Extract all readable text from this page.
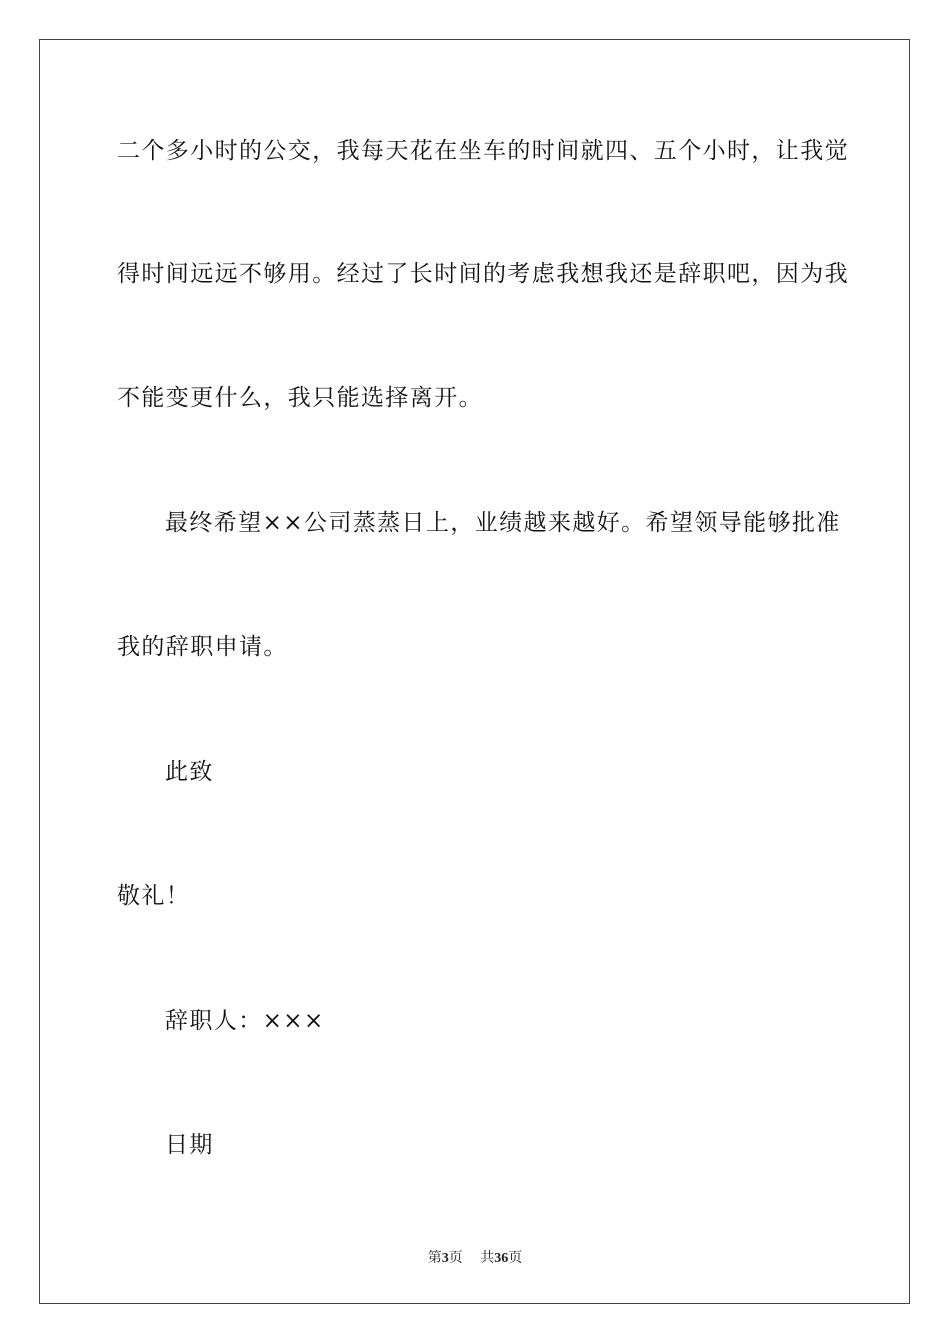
二个多小时的公交，我每天花在坐车的时间就四、五个小时，让我觉
得时间远远不够用。经过了长时间的考虑我想我还是辞职吧，因为我
不能变更什么，我只能选择离开。
最终希望××公司蒸蒸日上，业绩越来越好。希望领导能够批准
我的辞职申请。
此致
敬礼！
辞职人：×××
日期
第3页 共36页
